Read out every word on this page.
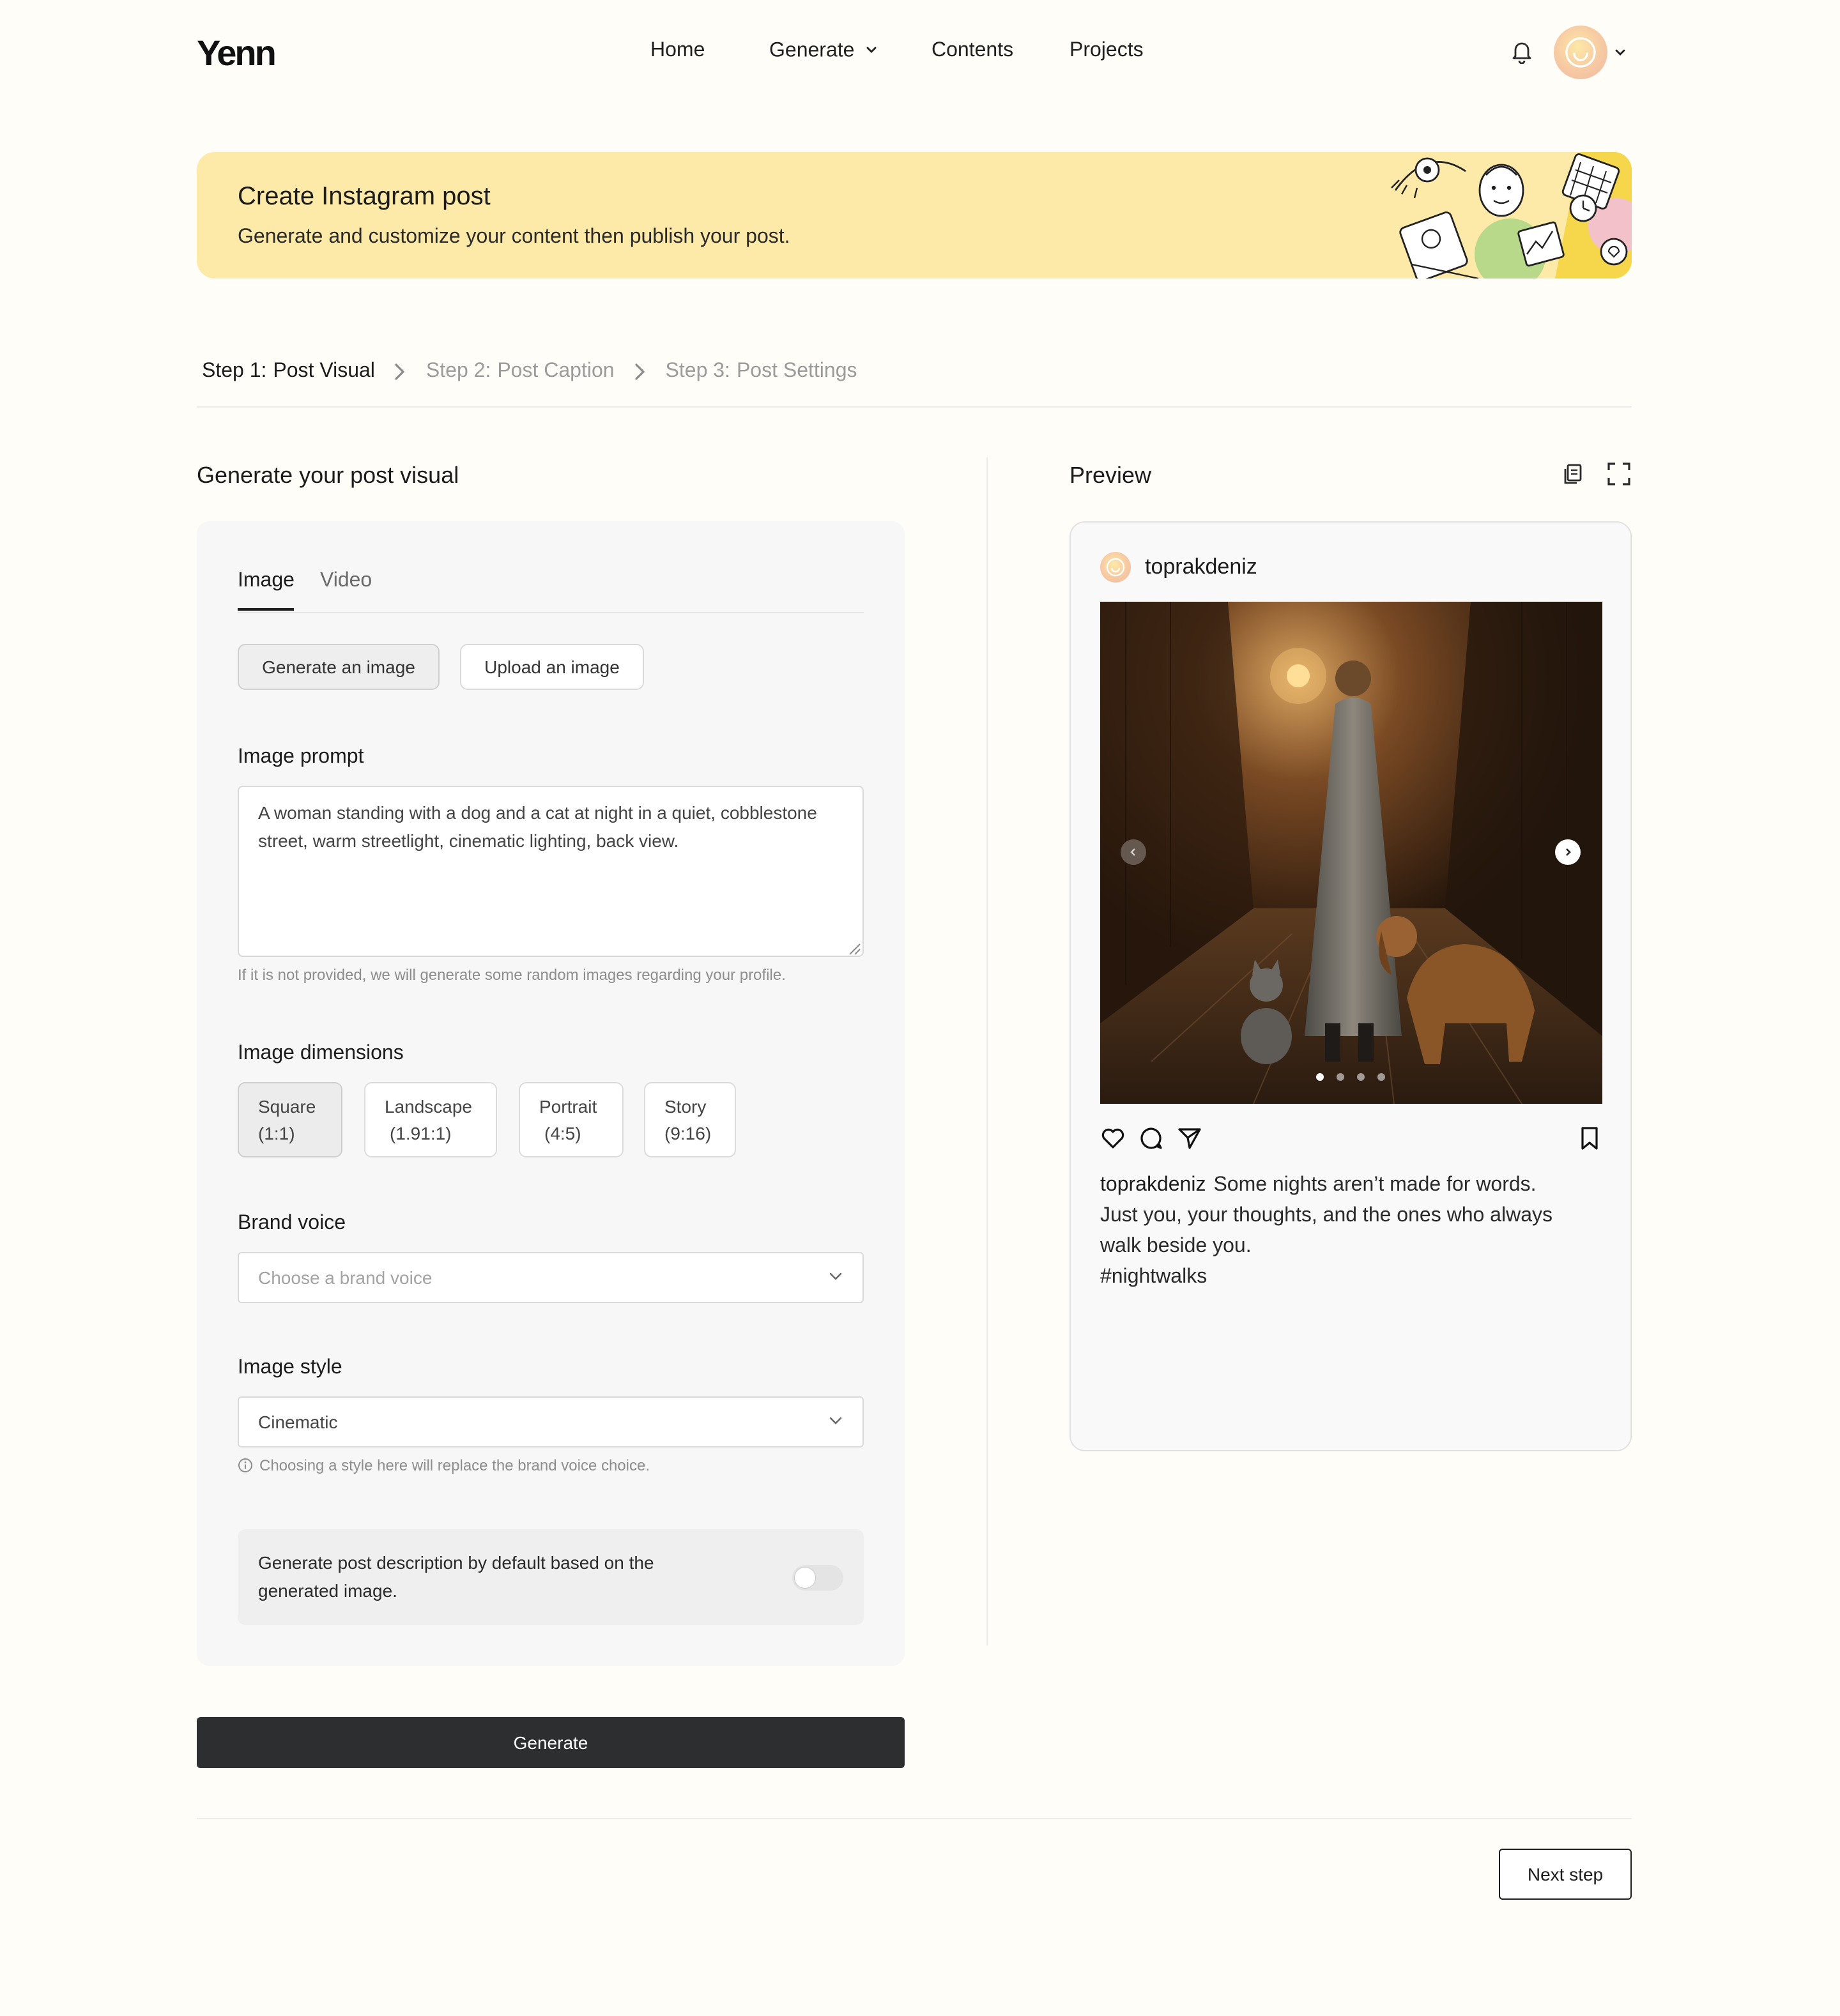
Yenn	Home	Generate	Contents	Projects
Create Instagram post
Generate and customize your content then publish your post.
Step 1: Post Visual	Step 2: Post Caption	Step 3: Post Settings
Generate your post visual
Image	Video
Generate an image	Upload an image
Image prompt
A woman standing with a dog and a cat at night in a quiet, cobblestone street, warm streetlight, cinematic lighting, back view.
If it is not provided, we will generate some random images regarding your profile.
Image dimensions
Square
(1:1)
Landscape
(1.91:1)
Portrait
(4:5)
Story
(9:16)
Brand voice
Choose a brand voice
Image style
Cinematic
Choosing a style here will replace the brand voice choice.
Generate post description by default based on the generated image.
Generate
Preview
toprakdeniz
toprakdeniz Some nights aren’t made for words.
Just you, your thoughts, and the ones who always
walk beside you.
#nightwalks
Next step
